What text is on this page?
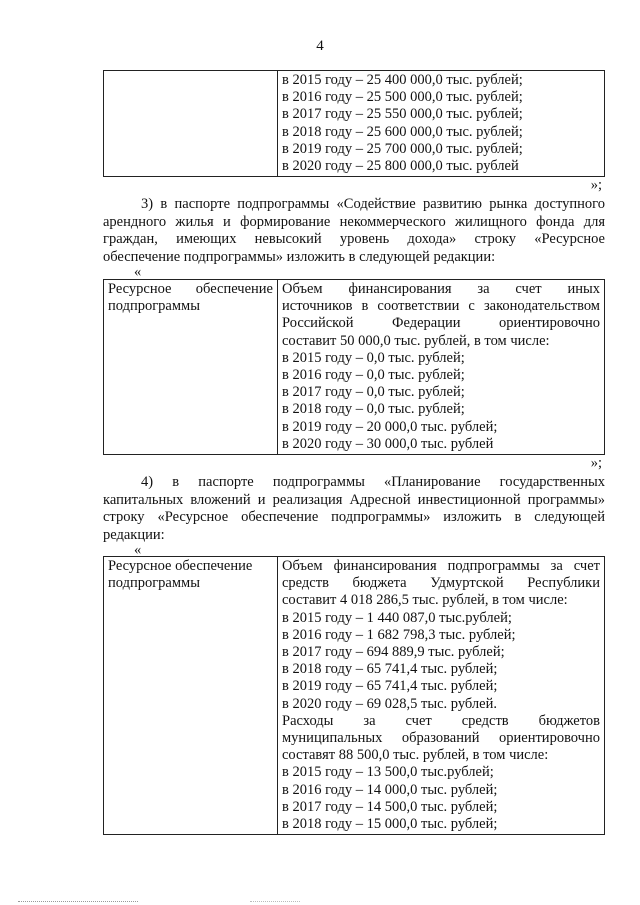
4

в 2015 году – 25 400 000,0 тыс. рублей;
в 2016 году – 25 500 000,0 тыс. рублей;
в 2017 году – 25 550 000,0 тыс. рублей;
в 2018 году – 25 600 000,0 тыс. рублей;
в 2019 году – 25 700 000,0 тыс. рублей;
в 2020 году – 25 800 000,0 тыс. рублей
»;
3) в паспорте подпрограммы «Содействие развитию рынка доступного
арендного жилья и формирование некоммерческого жилищного фонда для
граждан, имеющих невысокий уровень дохода» строку «Ресурсное
обеспечение подпрограммы» изложить в следующей редакции:
«
Ресурсное обеспечение
подпрограммы

Объем финансирования за счет иных
источников в соответствии с законодательством
Российской Федерации ориентировочно
составит 50 000,0 тыс. рублей, в том числе:
в 2015 году – 0,0 тыс. рублей;
в 2016 году – 0,0 тыс. рублей;
в 2017 году – 0,0 тыс. рублей;
в 2018 году – 0,0 тыс. рублей;
в 2019 году – 20 000,0 тыс. рублей;
в 2020 году – 30 000,0 тыс. рублей
»;
4) в паспорте подпрограммы «Планирование государственных
капитальных вложений и реализация Адресной инвестиционной программы»
строку «Ресурсное обеспечение подпрограммы» изложить в следующей
редакции:
«
Ресурсное обеспечение
подпрограммы

Объем финансирования подпрограммы за счет
средств бюджета Удмуртской Республики
составит 4 018 286,5 тыс. рублей, в том числе:
в 2015 году – 1 440 087,0 тыс.рублей;
в 2016 году – 1 682 798,3 тыс. рублей;
в 2017 году – 694 889,9 тыс. рублей;
в 2018 году – 65 741,4 тыс. рублей;
в 2019 году – 65 741,4 тыс. рублей;
в 2020 году – 69 028,5 тыс. рублей.
Расходы за счет средств бюджетов
муниципальных образований ориентировочно
составят 88 500,0 тыс. рублей, в том числе:
в 2015 году – 13 500,0 тыс.рублей;
в 2016 году – 14 000,0 тыс. рублей;
в 2017 году – 14 500,0 тыс. рублей;
в 2018 году – 15 000,0 тыс. рублей;
